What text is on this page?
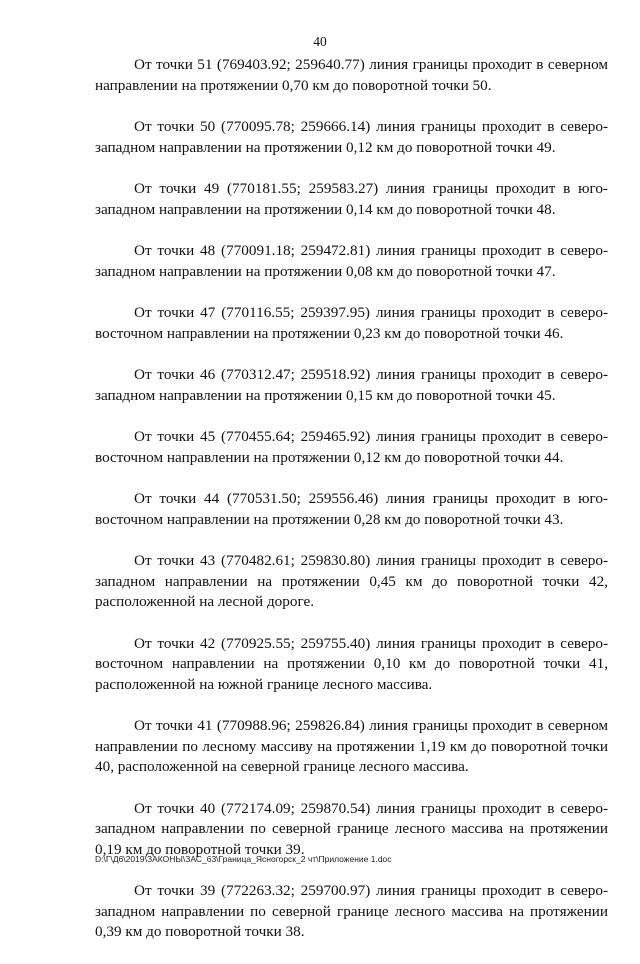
40

От точки 51 (769403.92; 259640.77) линия границы проходит в северном направлении на протяжении 0,70 км до поворотной точки 50.

От точки 50 (770095.78; 259666.14) линия границы проходит в северо-западном направлении на протяжении 0,12 км до поворотной точки 49.

От точки 49 (770181.55; 259583.27) линия границы проходит в юго-западном направлении на протяжении 0,14 км до поворотной точки 48.

От точки 48 (770091.18; 259472.81) линия границы проходит в северо-западном направлении на протяжении 0,08 км до поворотной точки 47.

От точки 47 (770116.55; 259397.95) линия границы проходит в северо-восточном направлении на протяжении 0,23 км до поворотной точки 46.

От точки 46 (770312.47; 259518.92) линия границы проходит в северо-западном направлении на протяжении 0,15 км до поворотной точки 45.

От точки 45 (770455.64; 259465.92) линия границы проходит в северо-восточном направлении на протяжении 0,12 км до поворотной точки 44.

От точки 44 (770531.50; 259556.46) линия границы проходит в юго-восточном направлении на протяжении 0,28 км до поворотной точки 43.

От точки 43 (770482.61; 259830.80) линия границы проходит в северо-западном направлении на протяжении 0,45 км до поворотной точки 42, расположенной на лесной дороге.

От точки 42 (770925.55; 259755.40) линия границы проходит в северо-восточном направлении на протяжении 0,10 км до поворотной точки 41, расположенной на южной границе лесного массива.

От точки 41 (770988.96; 259826.84) линия границы проходит в северном направлении по лесному массиву на протяжении 1,19 км до поворотной точки 40, расположенной на северной границе лесного массива.

От точки 40 (772174.09; 259870.54) линия границы проходит в северо-западном направлении по северной границе лесного массива на протяжении 0,19 км до поворотной точки 39.

От точки 39 (772263.32; 259700.97) линия границы проходит в северо-западном направлении по северной границе лесного массива на протяжении 0,39 км до поворотной точки 38.

D:\Г\Д6\2019\ЗАКОНЫ\ЗАС_63\Граница_Ясногорск_2 чт\Приложение 1.doc
